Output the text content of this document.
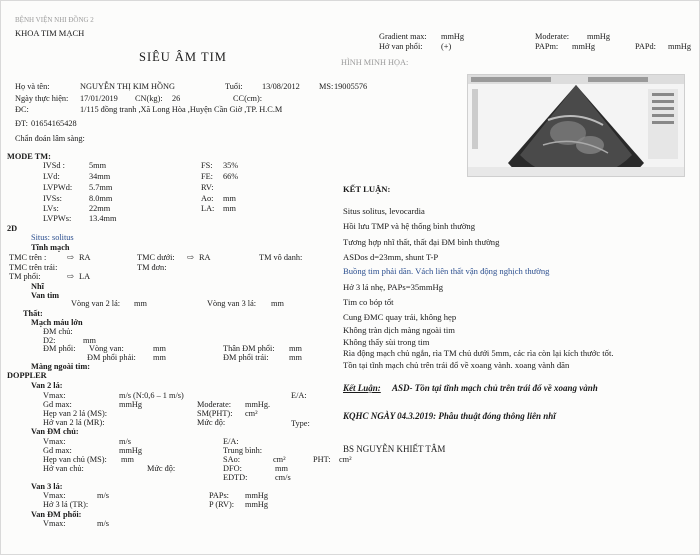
BỆNH VIỆN NHI ĐỒNG 2
KHOA TIM MẠCH
SIÊU ÂM TIM
Gradient max: mmHg
Hở van phổi: (+)
Moderate: mmHg
PAPm: mmHg	PAPd: mmHg
HÌNH MINH HỌA:
Họ và tên:	NGUYỄN THỊ KIM HỒNG	Tuổi: 13/08/2012 MS: 19005576
Ngày thực hiện: 17/01/2019 CN(kg): 26	CC(cm):
ĐC:	1/115 đồng tranh ,Xã Long Hòa ,Huyện Cần Giờ ,TP. H.C.M
ĐT: 01654165428
Chẩn đoán lâm sàng:
MODE TM:
IVSd :	5mm
LVd:	34mm
LVPWd: 5.7mm
IVSs:	8.0mm
LVs:	22mm
LVPWs: 13.4mm
FS: 35%
FE: 66%
RV:
Ao: mm
LA: mm
2D
Situs: solitus
Tĩnh mạch
TMC trên : ⇨ RA	TMC dưới: ⇨ RA	TM vô danh:
TMC trên trái:	TM đơn:
TM phổi:	⇨ LA
Nhĩ
Van tim
Vòng van 2 lá: mm	Vòng van 3 lá: mm
Thất:
Mạch máu lớn
ĐM chủ:
D2:	mm
ĐM phổi: Vòng van:	mm	Thân ĐM phổi: mm
ĐM phổi phải: mm	ĐM phổi trái: mm
Màng ngoài tim:
DOPPLER
Van 2 lá:
Vmax:	m/s (N:0,6 – 1 m/s)	E/A:
Gd max:	mmHg	Moderate: mmHg.
Hẹp van 2 lá (MS):	SM(PHT): cm²
Hở van 2 lá (MR):	Mức độ:	Type:
Van ĐM chủ:
Vmax:	m/s	E/A:
Gd max:	mmHg	Trung bình:
Hẹp van chủ (MS): mm	SAo:	cm²	PHT: cm²
Hở van chủ:	Mức độ:	DFO:	mm
EDTD:	cm/s
Van 3 lá:
Vmax:	m/s	PAPs: mmHg
Hở 3 lá (TR):	P (RV): mmHg
Van ĐM phổi:
Vmax:	m/s
KẾT LUẬN:
Situs solitus, levocardia
Hồi lưu TMP và hệ thống bình thường
Tương hợp nhĩ thất, thất đại ĐM bình thường
ASDos d=23mm, shunt T-P
Buồng tim phải dãn. Vách liên thất vận động nghịch thường
Hở 3 lá nhẹ, PAPs=35mmHg
Tim co bóp tốt
Cung ĐMC quay trái, không hẹp
Không tràn dịch màng ngoài tim
Không thấy sùi trong tim
Rìa động mạch chủ ngắn, rìa TM chủ dưới 5mm, các rìa còn lại kích thước tốt.
Tồn tại tĩnh mạch chủ trên trái đổ về xoang vành. xoang vành dãn
Kết Luận: ASD- Tồn tại tĩnh mạch chủ trên trái đổ về xoang vành
KQHC NGÀY 04.3.2019: Phẫu thuật đóng thông liên nhĩ
BS NGUYỄN KHIẾT TÂM
